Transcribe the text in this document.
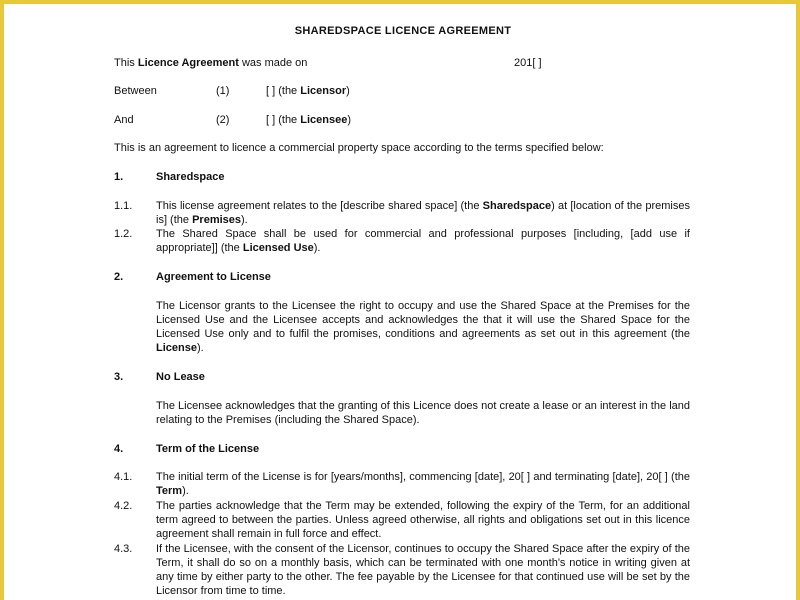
SHAREDSPACE LICENCE AGREEMENT
This Licence Agreement was made on	201[ ]
Between	(1)	[ ] (the Licensor)
And	(2)	[ ] (the Licensee)
This is an agreement to licence a commercial property space according to the terms specified below:
1.	Sharedspace
1.1. This license agreement relates to the [describe shared space] (the Sharedspace) at [location of the premises is] (the Premises).
1.2. The Shared Space shall be used for commercial and professional purposes [including, [add use if appropriate]] (the Licensed Use).
2.	Agreement to License
The Licensor grants to the Licensee the right to occupy and use the Shared Space at the Premises for the Licensed Use and the Licensee accepts and acknowledges the that it will use the Shared Space for the Licensed Use only and to fulfil the promises, conditions and agreements as set out in this agreement (the License).
3.	No Lease
The Licensee acknowledges that the granting of this Licence does not create a lease or an interest in the land relating to the Premises (including the Shared Space).
4.	Term of the License
4.1. The initial term of the License is for [years/months], commencing [date], 20[ ] and terminating [date], 20[ ] (the Term).
4.2. The parties acknowledge that the Term may be extended, following the expiry of the Term, for an additional term agreed to between the parties. Unless agreed otherwise, all rights and obligations set out in this licence agreement shall remain in full force and effect.
4.3. If the Licensee, with the consent of the Licensor, continues to occupy the Shared Space after the expiry of the Term, it shall do so on a monthly basis, which can be terminated with one month's notice in writing given at any time by either party to the other. The fee payable by the Licensee for that continued use will be set by the Licensor from time to time.
